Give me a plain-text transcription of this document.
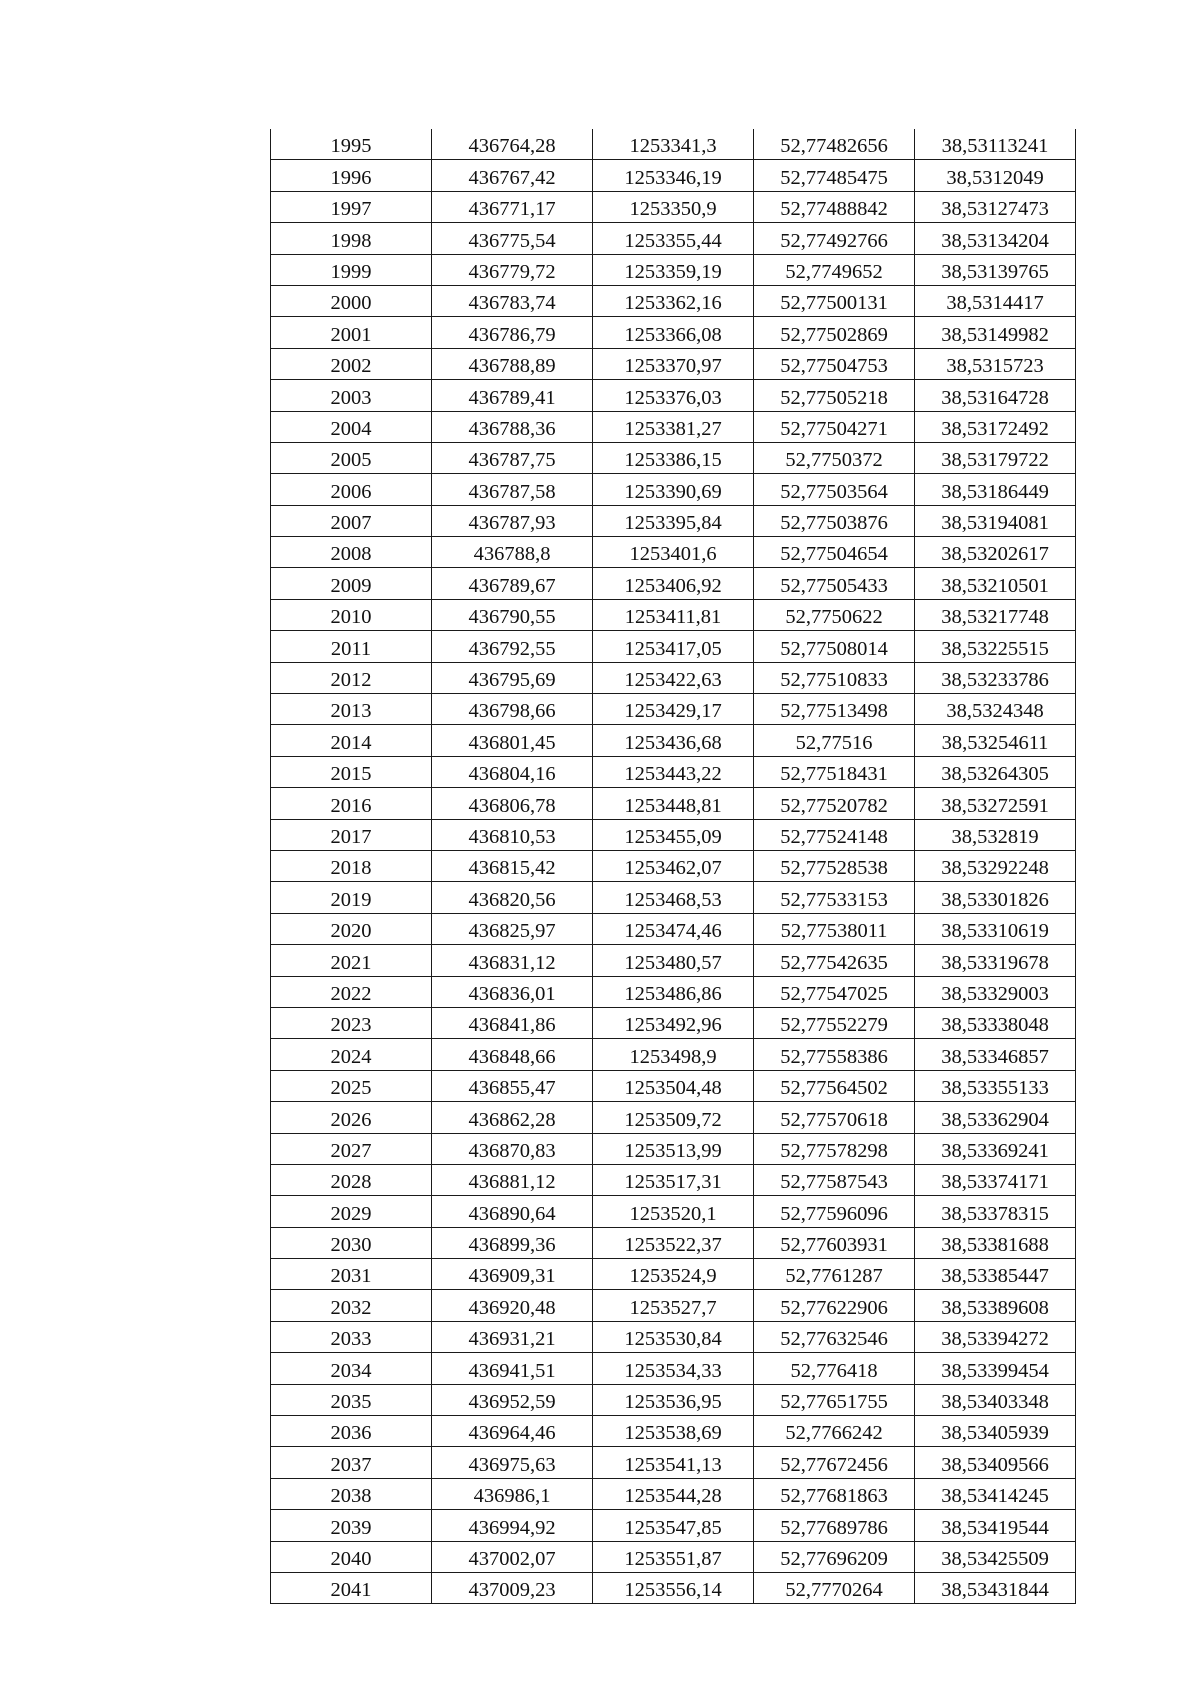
1995	436764,28	1253341,3	52,77482656	38,53113241
1996	436767,42	1253346,19	52,77485475	38,5312049
1997	436771,17	1253350,9	52,77488842	38,53127473
1998	436775,54	1253355,44	52,77492766	38,53134204
1999	436779,72	1253359,19	52,7749652	38,53139765
2000	436783,74	1253362,16	52,77500131	38,5314417
2001	436786,79	1253366,08	52,77502869	38,53149982
2002	436788,89	1253370,97	52,77504753	38,5315723
2003	436789,41	1253376,03	52,77505218	38,53164728
2004	436788,36	1253381,27	52,77504271	38,53172492
2005	436787,75	1253386,15	52,7750372	38,53179722
2006	436787,58	1253390,69	52,77503564	38,53186449
2007	436787,93	1253395,84	52,77503876	38,53194081
2008	436788,8	1253401,6	52,77504654	38,53202617
2009	436789,67	1253406,92	52,77505433	38,53210501
2010	436790,55	1253411,81	52,7750622	38,53217748
2011	436792,55	1253417,05	52,77508014	38,53225515
2012	436795,69	1253422,63	52,77510833	38,53233786
2013	436798,66	1253429,17	52,77513498	38,5324348
2014	436801,45	1253436,68	52,77516	38,53254611
2015	436804,16	1253443,22	52,77518431	38,53264305
2016	436806,78	1253448,81	52,77520782	38,53272591
2017	436810,53	1253455,09	52,77524148	38,532819
2018	436815,42	1253462,07	52,77528538	38,53292248
2019	436820,56	1253468,53	52,77533153	38,53301826
2020	436825,97	1253474,46	52,77538011	38,53310619
2021	436831,12	1253480,57	52,77542635	38,53319678
2022	436836,01	1253486,86	52,77547025	38,53329003
2023	436841,86	1253492,96	52,77552279	38,53338048
2024	436848,66	1253498,9	52,77558386	38,53346857
2025	436855,47	1253504,48	52,77564502	38,53355133
2026	436862,28	1253509,72	52,77570618	38,53362904
2027	436870,83	1253513,99	52,77578298	38,53369241
2028	436881,12	1253517,31	52,77587543	38,53374171
2029	436890,64	1253520,1	52,77596096	38,53378315
2030	436899,36	1253522,37	52,77603931	38,53381688
2031	436909,31	1253524,9	52,7761287	38,53385447
2032	436920,48	1253527,7	52,77622906	38,53389608
2033	436931,21	1253530,84	52,77632546	38,53394272
2034	436941,51	1253534,33	52,776418	38,53399454
2035	436952,59	1253536,95	52,77651755	38,53403348
2036	436964,46	1253538,69	52,7766242	38,53405939
2037	436975,63	1253541,13	52,77672456	38,53409566
2038	436986,1	1253544,28	52,77681863	38,53414245
2039	436994,92	1253547,85	52,77689786	38,53419544
2040	437002,07	1253551,87	52,77696209	38,53425509
2041	437009,23	1253556,14	52,7770264	38,53431844
